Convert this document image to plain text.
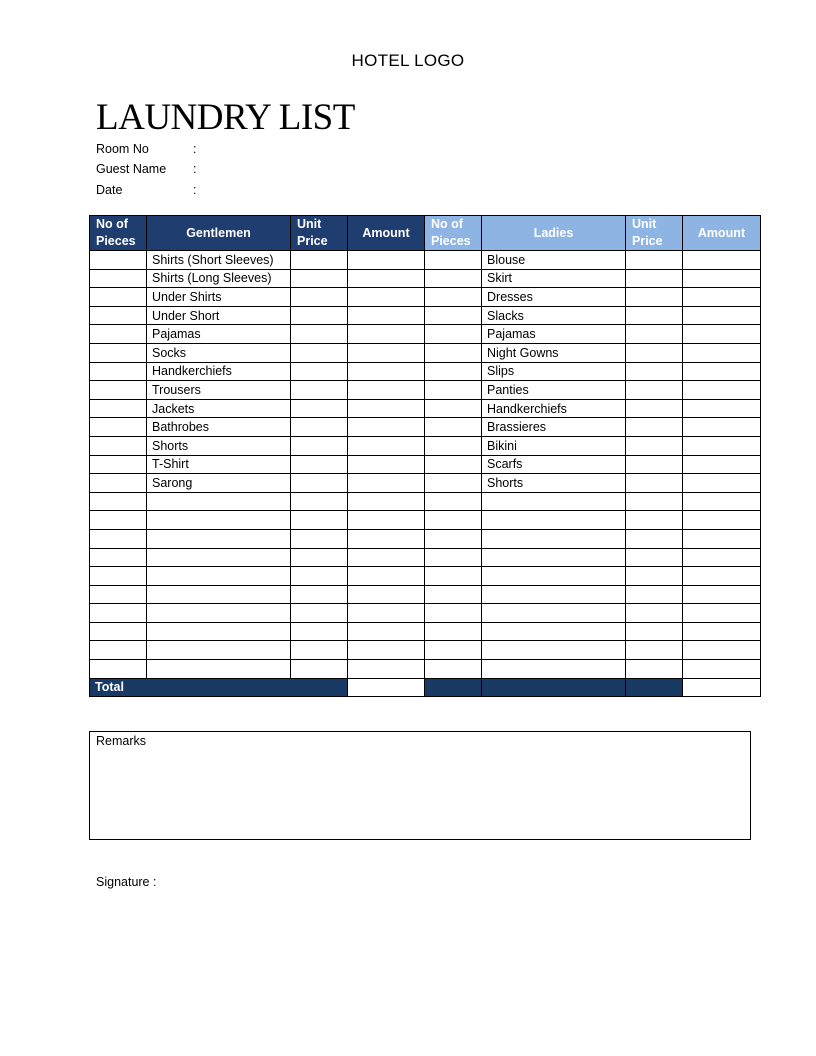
HOTEL LOGO
LAUNDRY LIST
Room No	:
Guest Name :
Date	:
No of Pieces	Gentlemen	Unit Price	Amount	No of Pieces	Ladies	Unit Price	Amount
	Shirts (Short Sleeves)				Blouse		
	Shirts (Long Sleeves)				Skirt		
	Under Shirts				Dresses		
	Under Short				Slacks		
	Pajamas				Pajamas		
	Socks				Night Gowns		
	Handkerchiefs				Slips		
	Trousers				Panties		
	Jackets				Handkerchiefs		
	Bathrobes				Brassieres		
	Shorts				Bikini		
	T-Shirt				Scarfs		
	Sarong				Shorts		

Total							
Remarks
Signature :
